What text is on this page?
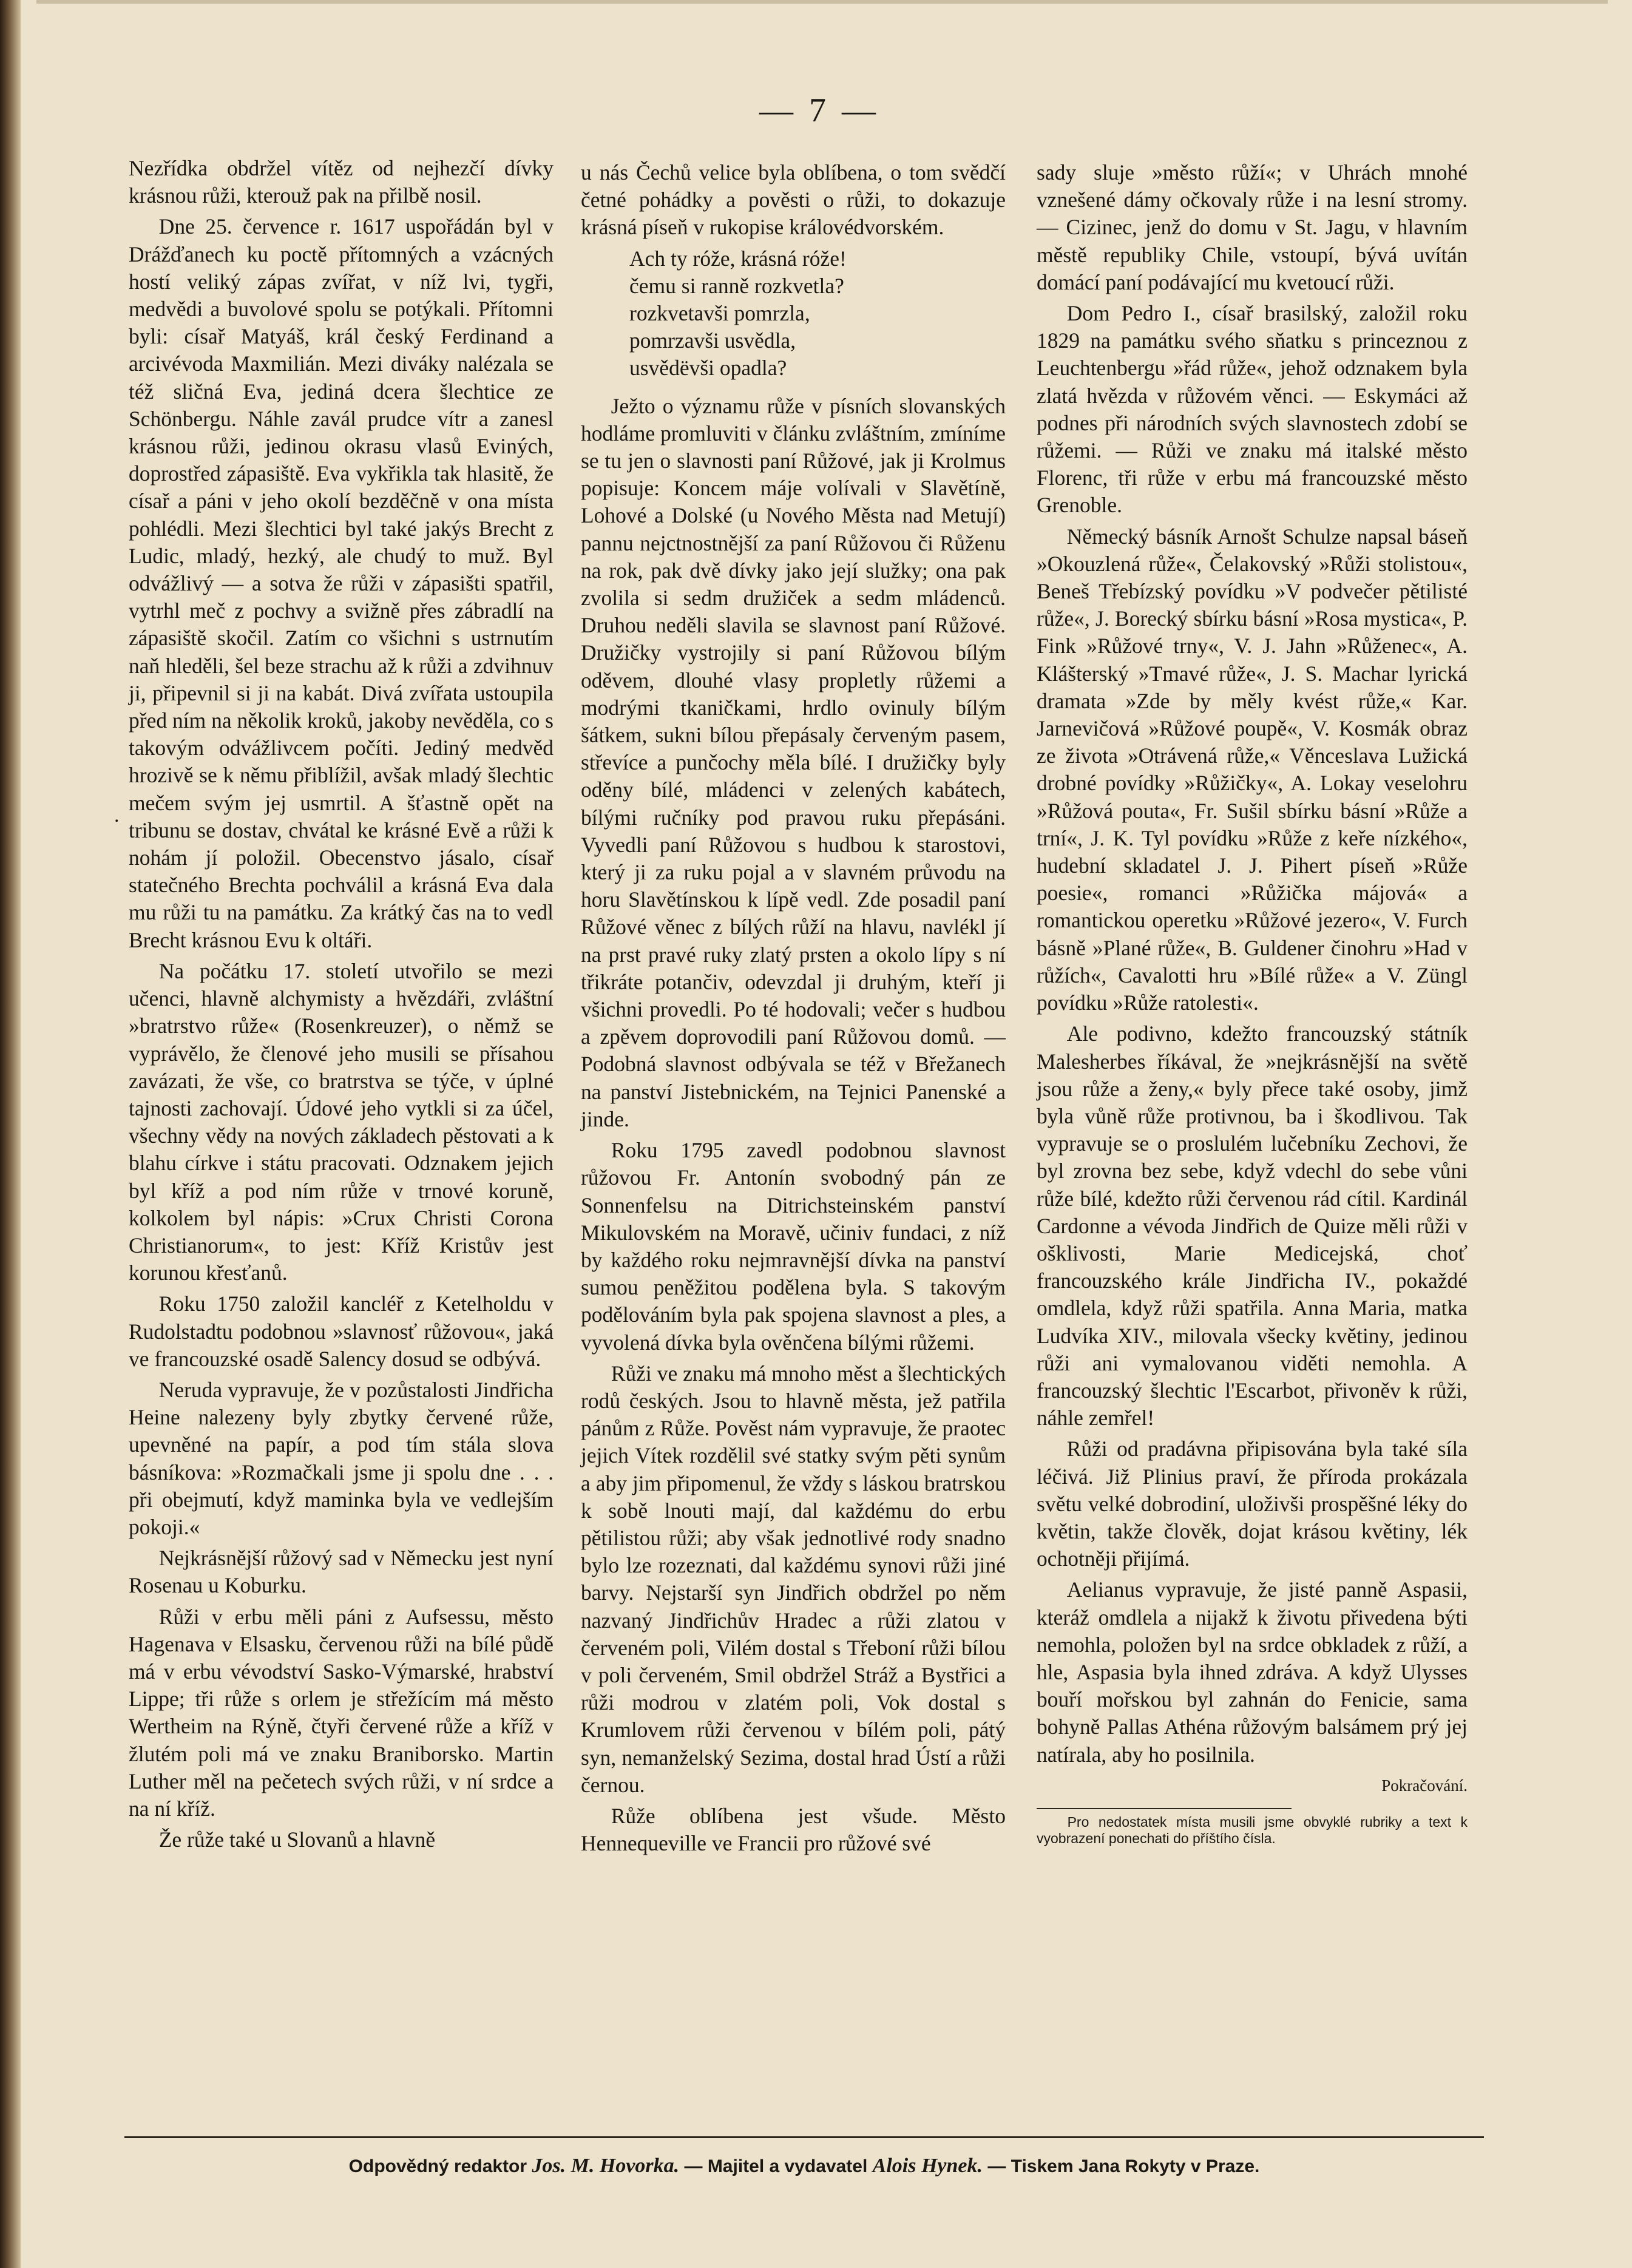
— 7 —
.

Nezřídka obdržel vítěz od nejhezčí dívky krásnou růži, kterouž pak na přilbě nosil.

Dne 25. července r. 1617 uspořádán byl v Drážďanech ku poctě přítomných a vzácných hostí veliký zápas zvířat, v níž lvi, tygři, medvědi a buvolové spolu se potýkali. Přítomni byli: císař Matyáš, král český Ferdinand a arcivévoda Maxmilián. Mezi diváky nalézala se též sličná Eva, jediná dcera šlechtice ze Schönbergu. Náhle zavál prudce vítr a zanesl krásnou růži, jedinou okrasu vlasů Eviných, doprostřed zápasiště. Eva vykřikla tak hlasitě, že císař a páni v jeho okolí bezděčně v ona místa pohlédli. Mezi šlechtici byl také jakýs Brecht z Ludic, mladý, hezký, ale chudý to muž. Byl odvážlivý — a sotva že růži v zápasišti spatřil, vytrhl meč z pochvy a svižně přes zábradlí na zápasiště skočil. Zatím co všichni s ustrnutím naň hleděli, šel beze strachu až k růži a zdvihnuv ji, připevnil si ji na kabát. Divá zvířata ustoupila před ním na několik kroků, jakoby nevěděla, co s takovým odvážlivcem počíti. Jediný medvěd hrozivě se k němu přiblížil, avšak mladý šlechtic mečem svým jej usmrtil. A šťastně opět na tribunu se dostav, chvátal ke krásné Evě a růži k nohám jí položil. Obecenstvo jásalo, císař statečného Brechta pochválil a krásná Eva dala mu růži tu na památku. Za krátký čas na to vedl Brecht krásnou Evu k oltáři.

Na počátku 17. století utvořilo se mezi učenci, hlavně alchymisty a hvězdáři, zvláštní »bratrstvo růže« (Rosenkreuzer), o němž se vyprávělo, že členové jeho musili se přísahou zavázati, že vše, co bratrstva se týče, v úplné tajnosti zachovají. Údové jeho vytkli si za účel, všechny vědy na nových základech pěstovati a k blahu církve i státu pracovati. Odznakem jejich byl kříž a pod ním růže v trnové koruně, kolkolem byl nápis: »Crux Christi Corona Christianorum«, to jest: Kříž Kristův jest korunou křesťanů.

Roku 1750 založil kancléř z Ketelholdu v Rudolstadtu podobnou »slavnosť růžovou«, jaká ve francouzské osadě Salency dosud se odbývá.

Neruda vypravuje, že v pozůstalosti Jindřicha Heine nalezeny byly zbytky červené růže, upevněné na papír, a pod tím stála slova básníkova: »Rozmačkali jsme ji spolu dne . . . při obejmutí, když maminka byla ve vedlejším pokoji.«

Nejkrásnější růžový sad v Německu jest nyní Rosenau u Koburku.

Růži v erbu měli páni z Aufsessu, město Hagenava v Elsasku, červenou růži na bílé půdě má v erbu vévodství Sasko-Výmarské, hrabství Lippe; tři růže s orlem je střežícím má město Wertheim na Rýně, čtyři červené růže a kříž v žlutém poli má ve znaku Braniborsko. Martin Luther měl na pečetech svých růži, v ní srdce a na ní kříž.

Že růže také u Slovanů a hlavně

u nás Čechů velice byla oblíbena, o tom svědčí četné pohádky a pověsti o růži, to dokazuje krásná píseň v rukopise královédvorském.

Ach ty róže, krásná róže!
čemu si ranně rozkvetla?
rozkvetavši pomrzla,
pomrzavši usvědla,
usvědëvši opadla?

Ježto o významu růže v písních slovanských hodláme promluviti v článku zvláštním, zmíníme se tu jen o slavnosti paní Růžové, jak ji Krolmus popisuje: Koncem máje volívali v Slavětíně, Lohové a Dolské (u Nového Města nad Metují) pannu nejctnostnější za paní Růžovou či Růženu na rok, pak dvě dívky jako její služky; ona pak zvolila si sedm družiček a sedm mládenců. Druhou neděli slavila se slavnost paní Růžové. Družičky vystrojily si paní Růžovou bílým oděvem, dlouhé vlasy propletly růžemi a modrými tkaničkami, hrdlo ovinuly bílým šátkem, sukni bílou přepásaly červeným pasem, střevíce a punčochy měla bílé. I družičky byly oděny bílé, mládenci v zelených kabátech, bílými ručníky pod pravou ruku přepásáni. Vyvedli paní Růžovou s hudbou k starostovi, který ji za ruku pojal a v slavném průvodu na horu Slavětínskou k lípě vedl. Zde posadil paní Růžové věnec z bílých růží na hlavu, navlékl jí na prst pravé ruky zlatý prsten a okolo lípy s ní třikráte potančiv, odevzdal ji druhým, kteří ji všichni provedli. Po té hodovali; večer s hudbou a zpěvem doprovodili paní Růžovou domů. — Podobná slavnost odbývala se též v Břežanech na panství Jistebnickém, na Tejnici Panenské a jinde.

Roku 1795 zavedl podobnou slavnost růžovou Fr. Antonín svobodný pán ze Sonnenfelsu na Ditrichsteinském panství Mikulovském na Moravě, učiniv fundaci, z níž by každého roku nejmravnější dívka na panství sumou peněžitou podělena byla. S takovým podělováním byla pak spojena slavnost a ples, a vyvolená dívka byla ověnčena bílými růžemi.

Růži ve znaku má mnoho měst a šlechtických rodů českých. Jsou to hlavně města, jež patřila pánům z Růže. Pověst nám vypravuje, že praotec jejich Vítek rozdělil své statky svým pěti synům a aby jim připomenul, že vždy s láskou bratrskou k sobě lnouti mají, dal každému do erbu pětilistou růži; aby však jednotlivé rody snadno bylo lze rozeznati, dal každému synovi růži jiné barvy. Nejstarší syn Jindřich obdržel po něm nazvaný Jindřichův Hradec a růži zlatou v červeném poli, Vilém dostal s Třeboní růži bílou v poli červeném, Smil obdržel Stráž a Bystřici a růži modrou v zlatém poli, Vok dostal s Krumlovem růži červenou v bílém poli, pátý syn, nemanželský Sezima, dostal hrad Ústí a růži černou.

Růže oblíbena jest všude. Město Hennequeville ve Francii pro růžové své

sady sluje »město růží«; v Uhrách mnohé vznešené dámy očkovaly růže i na lesní stromy. — Cizinec, jenž do domu v St. Jagu, v hlavním městě republiky Chile, vstoupí, bývá uvítán domácí paní podávající mu kvetoucí růži.

Dom Pedro I., císař brasilský, založil roku 1829 na památku svého sňatku s princeznou z Leuchtenbergu »řád růže«, jehož odznakem byla zlatá hvězda v růžovém věnci. — Eskymáci až podnes při národních svých slavnostech zdobí se růžemi. — Růži ve znaku má italské město Florenc, tři růže v erbu má francouzské město Grenoble.

Německý básník Arnošt Schulze napsal báseň »Okouzlená růže«, Čelakovský »Růži stolistou«, Beneš Třebízský povídku »V podvečer pětilisté růže«, J. Borecký sbírku básní »Rosa mystica«, P. Fink »Růžové trny«, V. J. Jahn »Růženec«, A. Klášterský »Tmavé růže«, J. S. Machar lyrická dramata »Zde by měly kvést růže,« Kar. Jarnevičová »Růžové poupě«, V. Kosmák obraz ze života »Otrávená růže,« Věnceslava Lužická drobné povídky »Růžičky«, A. Lokay veselohru »Růžová pouta«, Fr. Sušil sbírku básní »Růže a trní«, J. K. Tyl povídku »Růže z keře nízkého«, hudební skladatel J. J. Pihert píseň »Růže poesie«, romanci »Růžička májová« a romantickou operetku »Růžové jezero«, V. Furch básně »Plané růže«, B. Guldener činohru »Had v růžích«, Cavalotti hru »Bílé růže« a V. Züngl povídku »Růže ratolesti«.

Ale podivno, kdežto francouzský státník Malesherbes říkával, že »nejkrásnější na světě jsou růže a ženy,« byly přece také osoby, jimž byla vůně růže protivnou, ba i škodlivou. Tak vypravuje se o proslulém lučebníku Zechovi, že byl zrovna bez sebe, když vdechl do sebe vůni růže bílé, kdežto růži červenou rád cítil. Kardinál Cardonne a vévoda Jindřich de Quize měli růži v ošklivosti, Marie Medicejská, choť francouzského krále Jindřicha IV., pokaždé omdlela, když růži spatřila. Anna Maria, matka Ludvíka XIV., milovala všecky květiny, jedinou růži ani vymalovanou viděti nemohla. A francouzský šlechtic l'Escarbot, přivoněv k růži, náhle zemřel!

Růži od pradávna připisována byla také síla léčivá. Již Plinius praví, že příroda prokázala světu velké dobrodiní, uloživši prospěšné léky do květin, takže člověk, dojat krásou květiny, lék ochotněji přijímá.

Aelianus vypravuje, že jisté panně Aspasii, kteráž omdlela a nijakž k životu přivedena býti nemohla, položen byl na srdce obkladek z růží, a hle, Aspasia byla ihned zdráva. A když Ulysses bouří mořskou byl zahnán do Fenicie, sama bohyně Pallas Athéna růžovým balsámem prý jej natírala, aby ho posilnila.

Pokračování.
Pro nedostatek místa musili jsme obvyklé rubriky a text k vyobrazení ponechati do příštího čísla.
Odpovědný redaktor Jos. M. Hovorka. — Majitel a vydavatel Alois Hynek. — Tiskem Jana Rokyty v Praze.
